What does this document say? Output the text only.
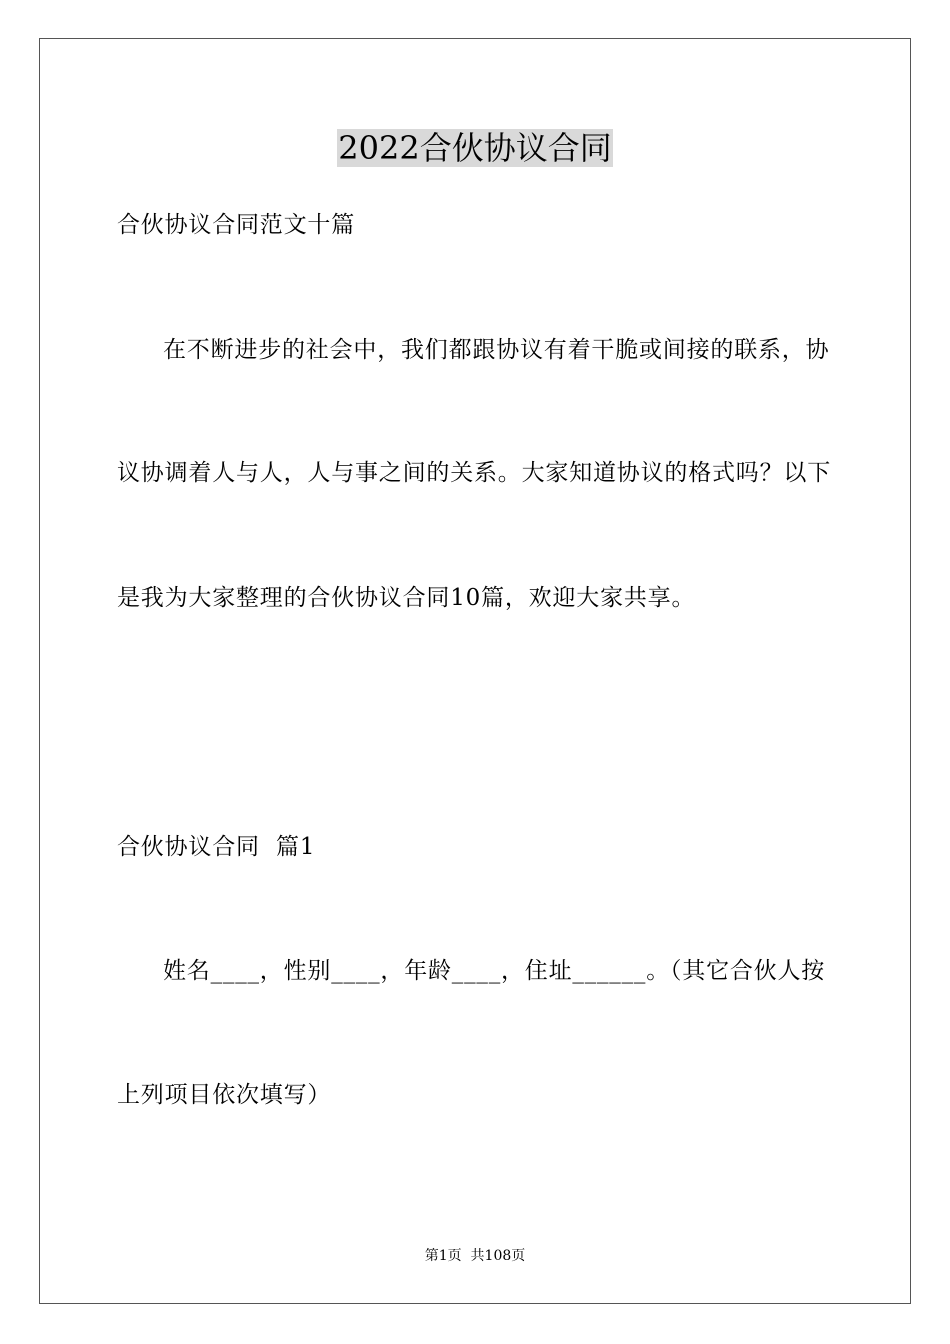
2022合伙协议合同
合伙协议合同范文十篇
在不断进步的社会中，我们都跟协议有着干脆或间接的联系，协
议协调着人与人，人与事之间的关系。大家知道协议的格式吗？以下
是我为大家整理的合伙协议合同10篇，欢迎大家共享。
合伙协议合同  篇1
姓名____，性别____，年龄____，住址______。（其它合伙人按
上列项目依次填写）
第1页  共108页
